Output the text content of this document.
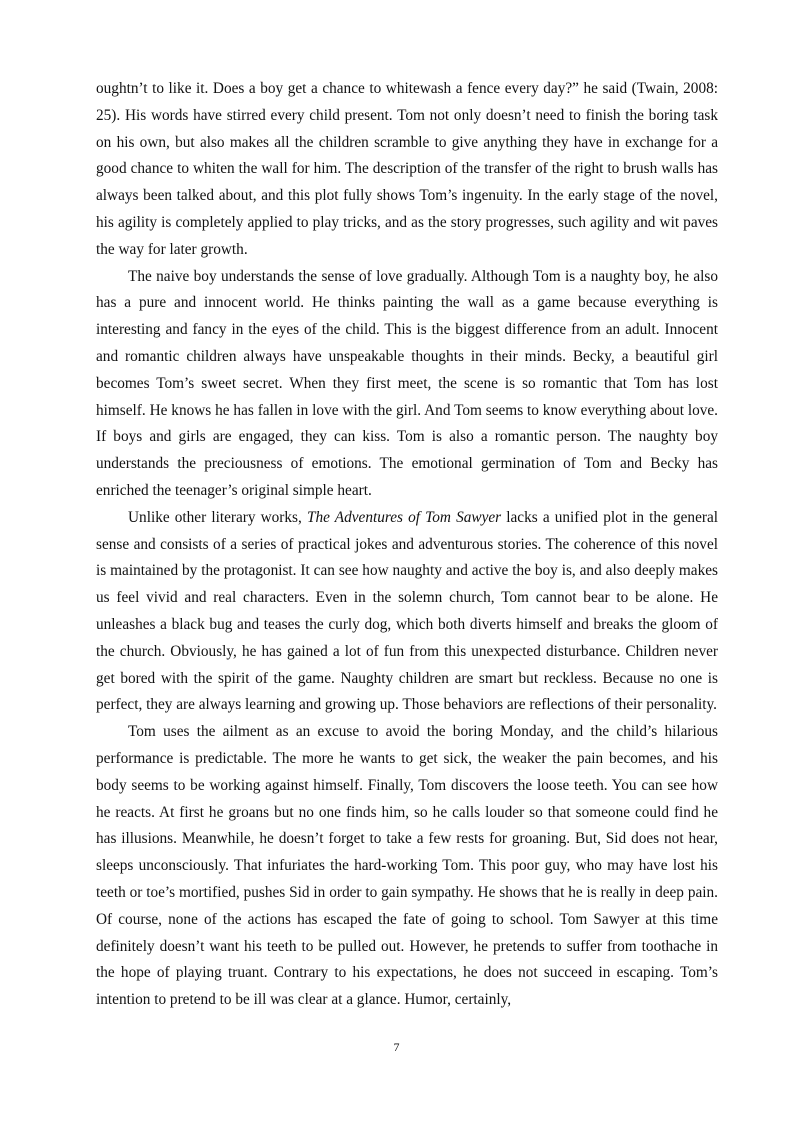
oughtn’t to like it. Does a boy get a chance to whitewash a fence every day?” he said (Twain, 2008: 25). His words have stirred every child present. Tom not only doesn’t need to finish the boring task on his own, but also makes all the children scramble to give anything they have in exchange for a good chance to whiten the wall for him. The description of the transfer of the right to brush walls has always been talked about, and this plot fully shows Tom’s ingenuity. In the early stage of the novel, his agility is completely applied to play tricks, and as the story progresses, such agility and wit paves the way for later growth.

The naive boy understands the sense of love gradually. Although Tom is a naughty boy, he also has a pure and innocent world. He thinks painting the wall as a game because everything is interesting and fancy in the eyes of the child. This is the biggest difference from an adult. Innocent and romantic children always have unspeakable thoughts in their minds. Becky, a beautiful girl becomes Tom’s sweet secret. When they first meet, the scene is so romantic that Tom has lost himself. He knows he has fallen in love with the girl. And Tom seems to know everything about love. If boys and girls are engaged, they can kiss. Tom is also a romantic person. The naughty boy understands the preciousness of emotions. The emotional germination of Tom and Becky has enriched the teenager’s original simple heart.

Unlike other literary works, The Adventures of Tom Sawyer lacks a unified plot in the general sense and consists of a series of practical jokes and adventurous stories. The coherence of this novel is maintained by the protagonist. It can see how naughty and active the boy is, and also deeply makes us feel vivid and real characters. Even in the solemn church, Tom cannot bear to be alone. He unleashes a black bug and teases the curly dog, which both diverts himself and breaks the gloom of the church. Obviously, he has gained a lot of fun from this unexpected disturbance. Children never get bored with the spirit of the game. Naughty children are smart but reckless. Because no one is perfect, they are always learning and growing up. Those behaviors are reflections of their personality.

Tom uses the ailment as an excuse to avoid the boring Monday, and the child’s hilarious performance is predictable. The more he wants to get sick, the weaker the pain becomes, and his body seems to be working against himself. Finally, Tom discovers the loose teeth. You can see how he reacts. At first he groans but no one finds him, so he calls louder so that someone could find he has illusions. Meanwhile, he doesn’t forget to take a few rests for groaning. But, Sid does not hear, sleeps unconsciously. That infuriates the hard-working Tom. This poor guy, who may have lost his teeth or toe’s mortified, pushes Sid in order to gain sympathy. He shows that he is really in deep pain. Of course, none of the actions has escaped the fate of going to school. Tom Sawyer at this time definitely doesn’t want his teeth to be pulled out. However, he pretends to suffer from toothache in the hope of playing truant. Contrary to his expectations, he does not succeed in escaping. Tom’s intention to pretend to be ill was clear at a glance. Humor, certainly,

7
